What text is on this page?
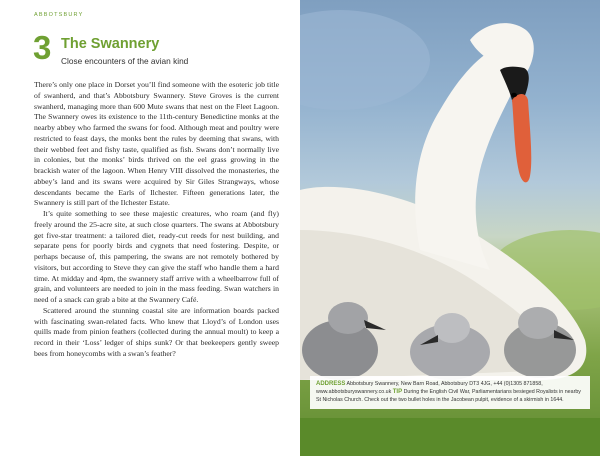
ABBOTSBURY
3 The Swannery
Close encounters of the avian kind

There’s only one place in Dorset you’ll find someone with the esoteric job title of swanherd, and that’s Abbotsbury Swannery. Steve Groves is the current swanherd, managing more than 600 Mute swans that nest on the Fleet Lagoon. The Swannery owes its existence to the 11th-century Benedictine monks at the nearby abbey who farmed the swans for food. Although meat and poultry were restricted to feast days, the monks bent the rules by deeming that swans, with their webbed feet and fishy taste, qualified as fish. Swans don’t normally live in colonies, but the monks’ birds thrived on the eel grass growing in the brackish water of the lagoon. When Henry VIII dissolved the monasteries, the abbey’s land and its swans were acquired by Sir Giles Strangways, whose descendants became the Earls of Ilchester. Fifteen generations later, the Swannery is still part of the Ilchester Estate.

It’s quite something to see these majestic creatures, who roam (and fly) freely around the 25-acre site, at such close quarters. The swans at Abbotsbury get five-star treatment: a tailored diet, ready-cut reeds for nest building, and separate pens for poorly birds and cygnets that need fostering. Despite, or perhaps because of, this pampering, the swans are not remotely bothered by visitors, but according to Steve they can give the staff who handle them a hard time. At midday and 4pm, the swannery staff arrive with a wheelbarrow full of grain, and volunteers are needed to join in the mass feeding. Swan watchers in need of a snack can grab a bite at the Swannery Café.

Scattered around the stunning coastal site are information boards packed with fascinating swan-related facts. Who knew that Lloyd’s of London uses quills made from pinion feathers (collected during the annual moult) to keep a record in their ‘Loss’ ledger of ships sunk? Or that beekeepers gently sweep bees from honeycombs with a swan’s feather?

ADDRESS Abbotsbury Swannery, New Barn Road, Abbotsbury DT3 4JG, +44 (0)1305 871858, www.abbotsburyswannery.co.uk TIP During the English Civil War, Parliamentarians besieged Royalists in nearby St Nicholas Church. Check out the two bullet holes in the Jacobean pulpit, evidence of a skirmish in 1644.
